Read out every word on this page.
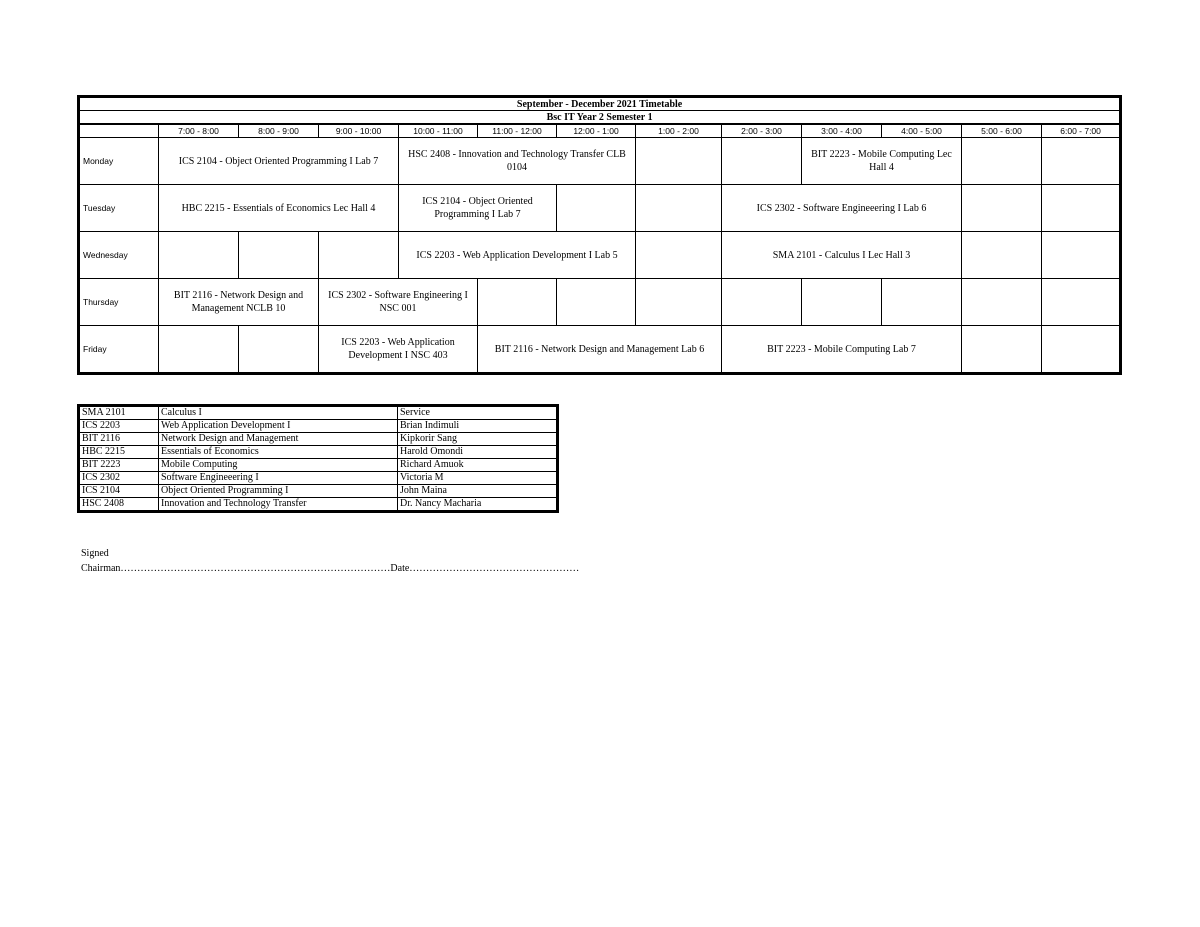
September - December 2021 Timetable												
Bsc IT Year 2 Semester 1												
	7:00 - 8:00	8:00 - 9:00	9:00 - 10:00	10:00 - 11:00	11:00 - 12:00	12:00 - 1:00	1:00 - 2:00	2:00 - 3:00	3:00 - 4:00	4:00 - 5:00	5:00 - 6:00	6:00 - 7:00
Monday	ICS 2104 - Object Oriented Programming I Lab 7			HSC 2408 - Innovation and Technology Transfer CLB 0104					BIT 2223 - Mobile Computing Lec Hall 4			
Tuesday	HBC 2215 - Essentials of Economics Lec Hall 4			ICS 2104 - Object Oriented Programming I Lab 7				ICS 2302 - Software Engineeering I Lab 6				
Wednesday				ICS 2203 - Web Application Development I Lab 5				SMA 2101 - Calculus I Lec Hall 3				
Thursday	BIT 2116 - Network Design and Management NCLB 10		ICS 2302 - Software Engineering I NSC 001									
Friday			ICS 2203 - Web Application Development I NSC 403		BIT 2116 - Network Design and Management Lab 6			BIT 2223 - Mobile Computing Lab 7				
SMA 2101	Calculus I	Service
ICS 2203	Web Application Development I	Brian Indimuli
BIT 2116	Network Design and Management	Kipkorir Sang
HBC 2215	Essentials of Economics	Harold Omondi
BIT 2223	Mobile Computing	Richard Amuok
ICS 2302	Software Engineeering I	Victoria M
ICS 2104	Object Oriented Programming I	John Maina
HSC 2408	Innovation and Technology Transfer	Dr. Nancy Macharia
Signed
Chairman………………………………………………………………………Date……………………………………………
